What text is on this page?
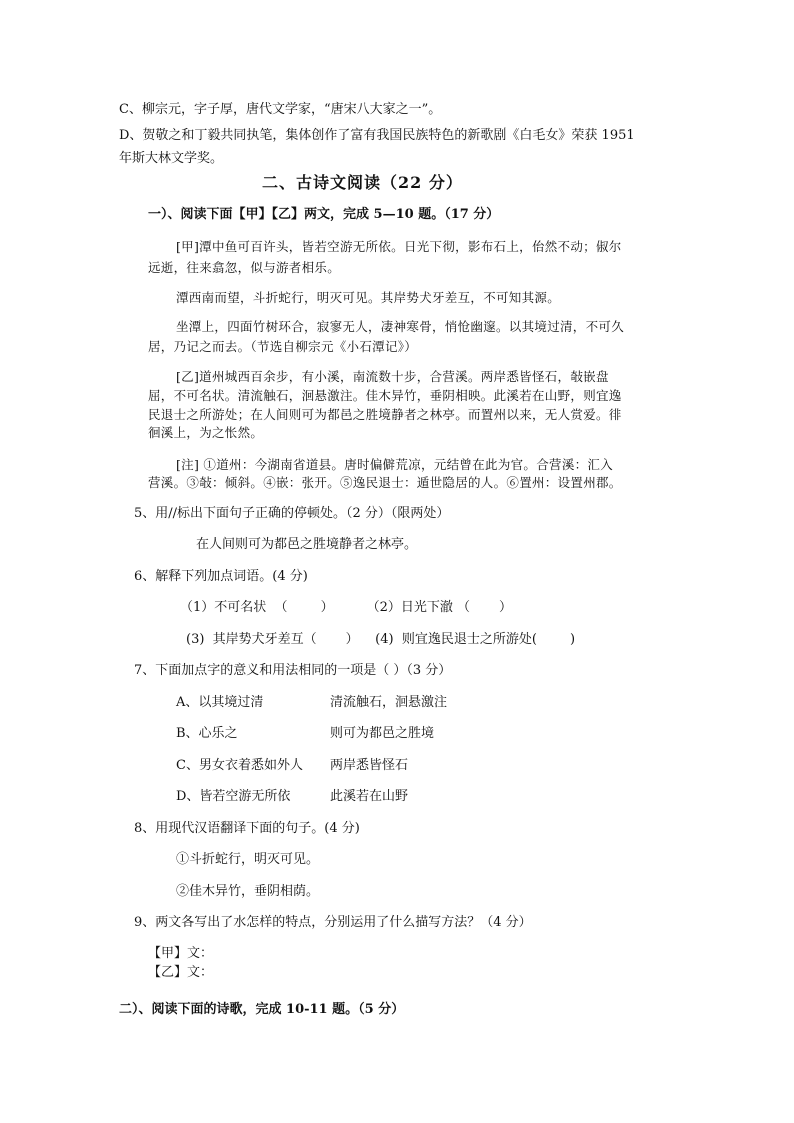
C、柳宗元，字子厚，唐代文学家，“唐宋八大家之一”。
D、贺敬之和丁毅共同执笔，集体创作了富有我国民族特色的新歌剧《白毛女》荣获 1951
年斯大林文学奖。
二、古诗文阅读（22 分）
一）、阅读下面【甲】【乙】两文，完成 5—10 题。（17 分）
[甲]潭中鱼可百许头，皆若空游无所依。日光下彻，影布石上，佁然不动；俶尔
远逝，往来翕忽，似与游者相乐。
潭西南而望，斗折蛇行，明灭可见。其岸势犬牙差互，不可知其源。
坐潭上，四面竹树环合，寂寥无人，凄神寒骨，悄怆幽邃。以其境过清，不可久
居，乃记之而去。（节选自柳宗元《小石潭记》）
[乙]道州城西百余步，有小溪，南流数十步，合营溪。两岸悉皆怪石，敧嵌盘
屈，不可名状。清流触石，洄悬激注。佳木异竹，垂阴相映。此溪若在山野，则宜逸
民退士之所游处；在人间则可为都邑之胜境静者之林亭。而置州以来，无人赏爱。徘
徊溪上，为之怅然。
[注] ①道州：今湖南省道县。唐时偏僻荒凉，元结曾在此为官。合营溪：汇入
营溪。③敧：倾斜。④嵌：张开。⑤逸民退士：遁世隐居的人。⑥置州：设置州郡。
5、用//标出下面句子正确的停顿处。（2 分）（限两处）
在人间则可为都邑之胜境静者之林亭。
6、解释下列加点词语。(4 分)
（1）不可名状  （        ）        （2）日光下澈 （       ）
(3)  其岸势犬牙差互（       ）    (4)  则宜逸民退士之所游处(        )
7、下面加点字的意义和用法相同的一项是（ ）（3 分）
A、以其境过清	清流触石，洄悬激注
B、心乐之	则可为都邑之胜境
C、男女衣着悉如外人 两岸悉皆怪石
D、皆若空游无所依	此溪若在山野
8、用现代汉语翻译下面的句子。(4 分)
①斗折蛇行，明灭可见。
②佳木异竹，垂阴相荫。
9、两文各写出了水怎样的特点，分别运用了什么描写方法？（4 分）
【甲】文：
【乙】文：
二）、阅读下面的诗歌，完成 10-11 题。（5 分）
